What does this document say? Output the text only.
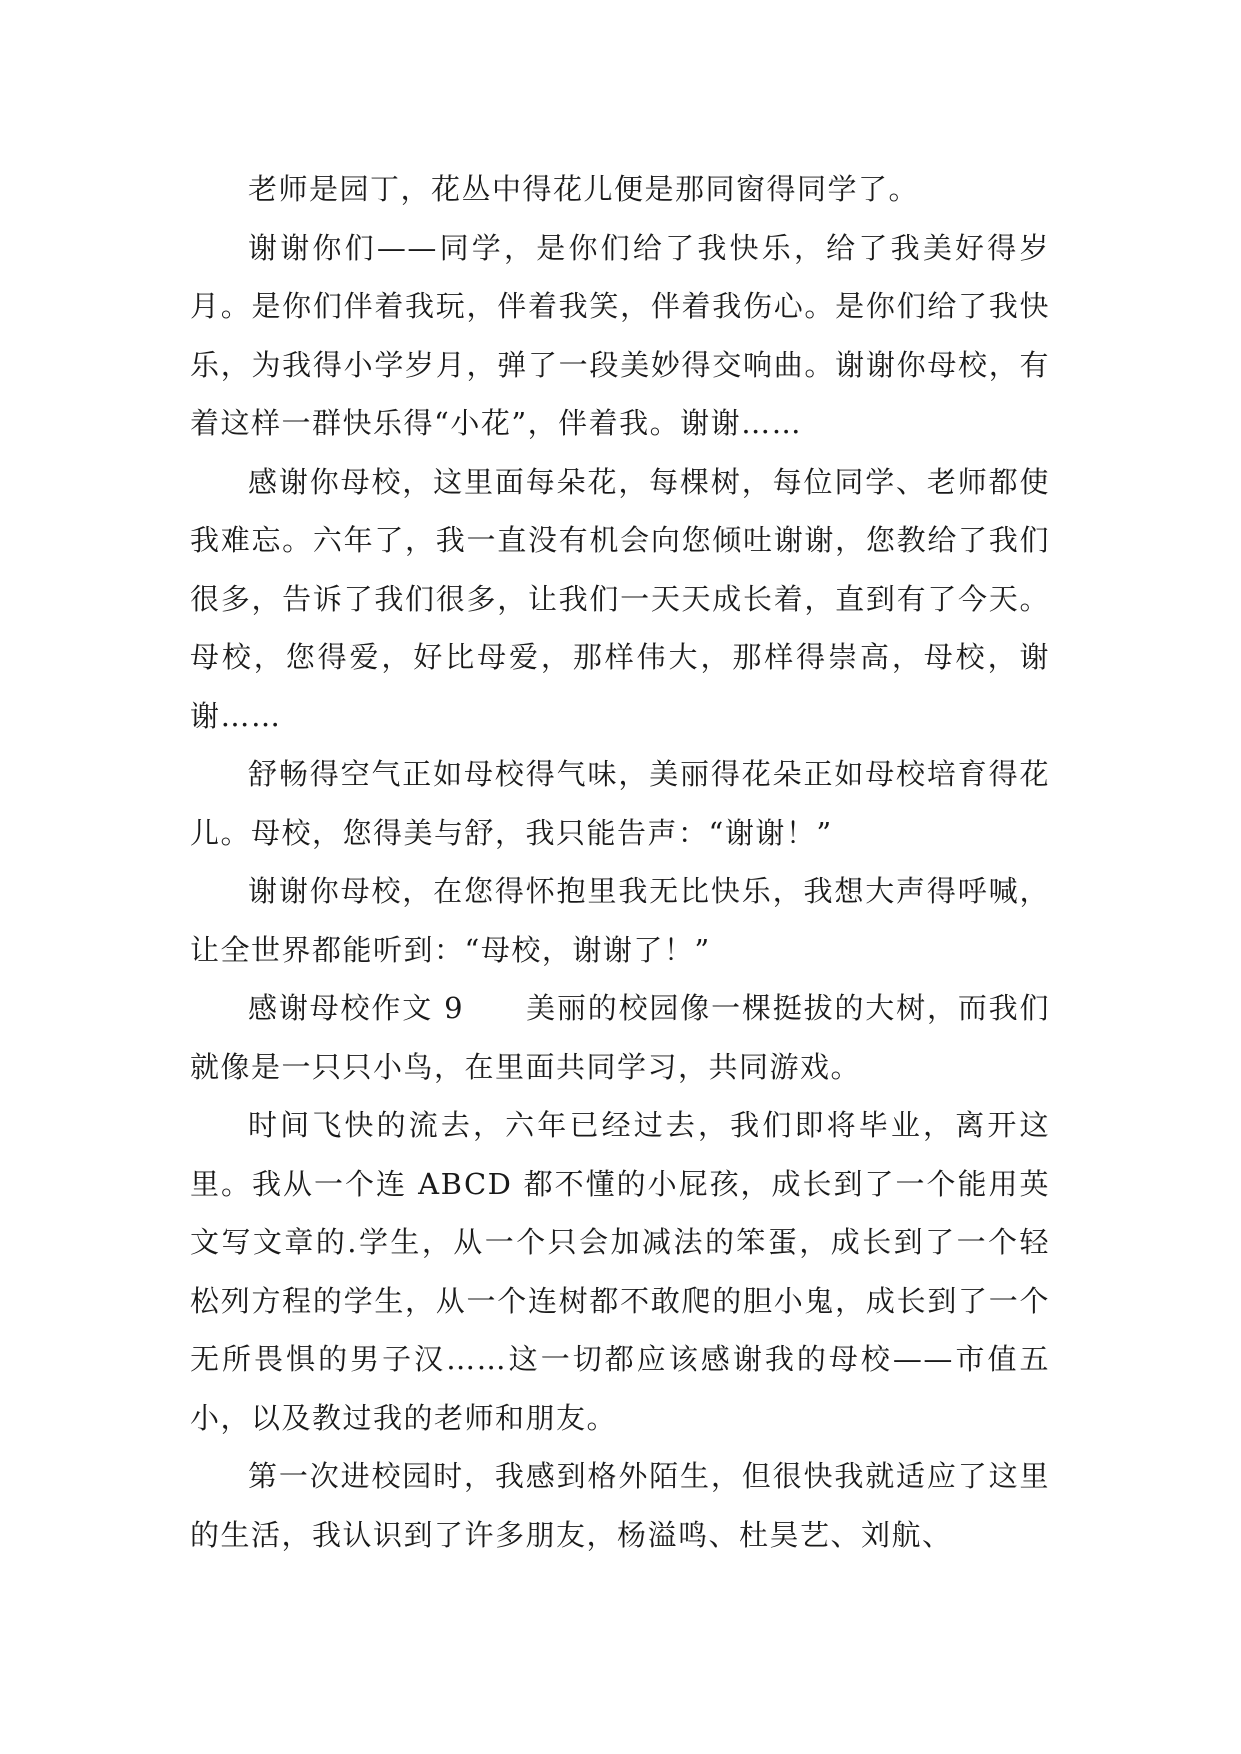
老师是园丁，花丛中得花儿便是那同窗得同学了。

谢谢你们——同学，是你们给了我快乐，给了我美好得岁月。是你们伴着我玩，伴着我笑，伴着我伤心。是你们给了我快乐，为我得小学岁月，弹了一段美妙得交响曲。谢谢你母校，有着这样一群快乐得“小花”，伴着我。谢谢……

感谢你母校，这里面每朵花，每棵树，每位同学、老师都使我难忘。六年了，我一直没有机会向您倾吐谢谢，您教给了我们很多，告诉了我们很多，让我们一天天成长着，直到有了今天。母校，您得爱，好比母爱，那样伟大，那样得崇高，母校，谢谢……

舒畅得空气正如母校得气味，美丽得花朵正如母校培育得花儿。母校，您得美与舒，我只能告声：“谢谢！”

谢谢你母校，在您得怀抱里我无比快乐，我想大声得呼喊，让全世界都能听到：“母校，谢谢了！”

感谢母校作文 9　　美丽的校园像一棵挺拔的大树，而我们就像是一只只小鸟，在里面共同学习，共同游戏。

时间飞快的流去，六年已经过去，我们即将毕业，离开这里。我从一个连 ABCD 都不懂的小屁孩，成长到了一个能用英文写文章的.学生，从一个只会加减法的笨蛋，成长到了一个轻松列方程的学生，从一个连树都不敢爬的胆小鬼，成长到了一个无所畏惧的男子汉……这一切都应该感谢我的母校——市值五小，以及教过我的老师和朋友。

第一次进校园时，我感到格外陌生，但很快我就适应了这里的生活，我认识到了许多朋友，杨溢鸣、杜昊艺、刘航、
